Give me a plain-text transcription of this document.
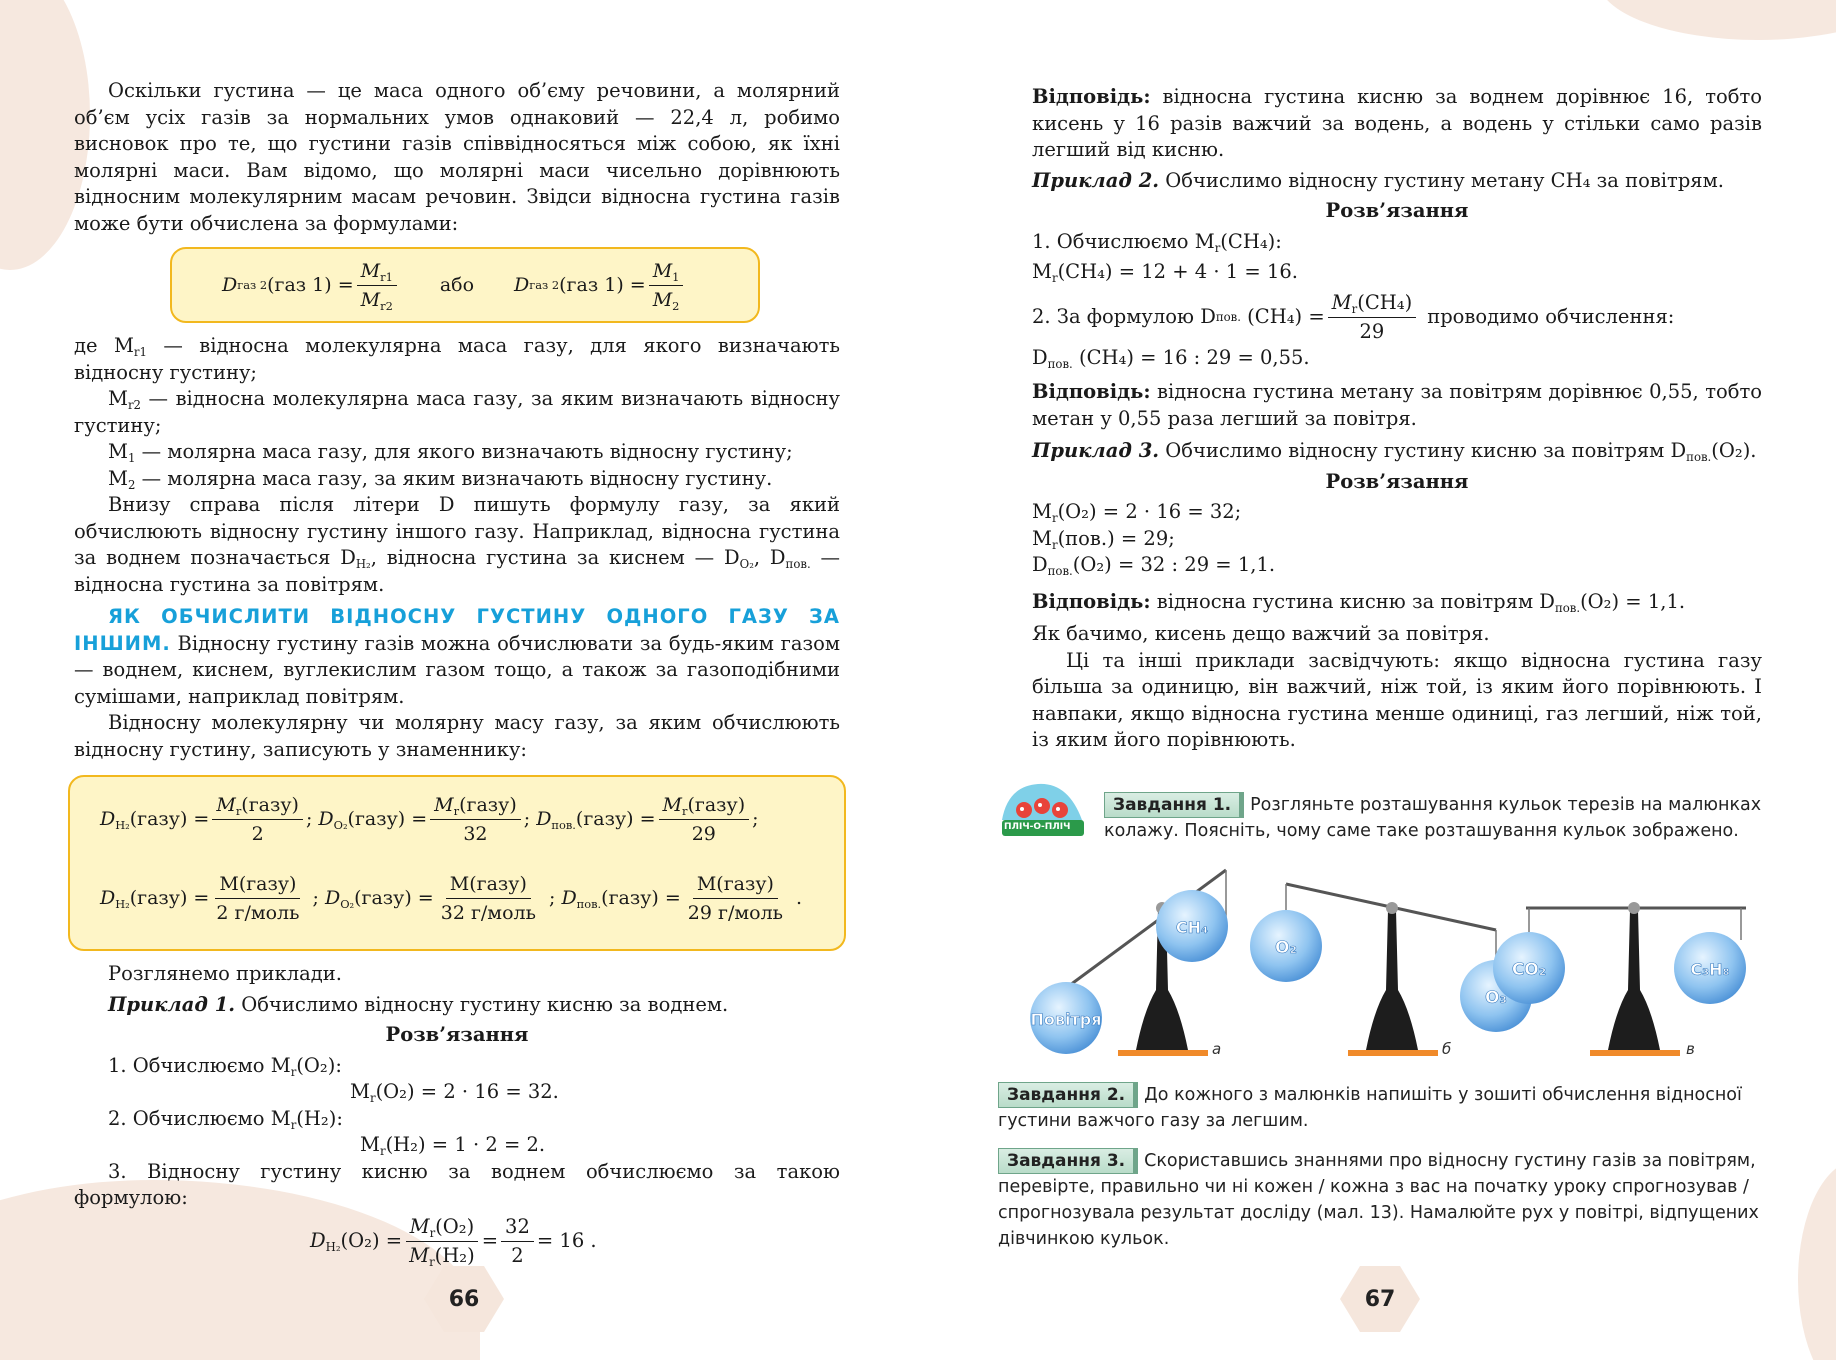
Оскільки густина — це маса одного об’єму речовини, а молярний об’єм усіх газів за нормальних умов однаковий — 22,4 л, робимо висновок про те, що густини газів співвідносяться між собою, як їхні молярні маси. Вам відомо, що молярні маси чисельно дорівнюють відносним молекулярним масам речовин. Звідси відносна густина газів може бути обчислена за формулами:

D газ 2 ( газ 1 ) = $\frac{M_{r1}}{M_{r2}}$ або D газ 2 ( газ 1 ) = $\frac{M_1}{M_2}$

де $M_{r1}$ — відносна молекулярна маса газу, для якого визначають відносну густину;

$M_{r2}$ — відносна молекулярна маса газу, за яким визначають відносну густину;

$M_1$ — молярна маса газу, для якого визначають відносну густину;

$M_2$ — молярна маса газу, за яким визначають відносну густину.

Внизу справа після літери D пишуть формулу газу, за який обчислюють відносну густину іншого газу. Наприклад, відносна густина за воднем позначається $D_{H_2}$, відносна густина за киснем — $D_{O_2}$, $D_{пов.}$ — відносна густина за повітрям.

ЯК ОБЧИСЛИТИ ВІДНОСНУ ГУСТИНУ ОДНОГО ГАЗУ ЗА ІНШИМ. Відносну густину газів можна обчислювати за будь-яким газом — воднем, киснем, вуглекислим газом тощо, а також за газоподібними сумішами, наприклад повітрям.

Відносну молекулярну чи молярну масу газу, за яким обчислюють відносну густину, записують у знаменнику:

$D_{H_2}(газу) = \frac{M_r(газу)}{2}$ ; $D_{O_2}(газу) = \frac{M_r(газу)}{32}$ ; $D_{пов.}(газу) = \frac{M_r(газу)}{29}$ ;
$D_{H_2}(газу) = \frac{\text{M(газу)}}{\text{2 г/моль}}$ ; $D_{O_2}(газу) = \frac{\text{M(газу)}}{\text{32 г/моль}}$ ; $D_{пов.}(газу) = \frac{\text{M(газу)}}{\text{29 г/моль}}$ .

Розглянемо приклади.

Приклад 1. Обчислимо відносну густину кисню за воднем.

Розв’язання

1. Обчислюємо $M_r(O_2)$:

$M_r(O_2) = 2 \cdot 16 = 32$.

2. Обчислюємо $M_r(H_2)$:

$M_r(H_2) = 1 \cdot 2 = 2$.

3. Відносну густину кисню за воднем обчислюємо за такою формулою:

$D_{H_2}(O_2) = \frac{M_r(O_2)}{M_r(H_2)} = \frac{32}{2} = 16$ .
66

Відповідь: відносна густина кисню за воднем дорівнює 16, тобто кисень у 16 разів важчий за водень, а водень у стільки само разів легший від кисню.

Приклад 2. Обчислимо відносну густину метану CH₄ за повітрям.

Розв’язання

1. Обчислюємо $M_r(CH_4)$:

$M_r(CH_4) = 12 + 4 \cdot 1 = 16$.

2. За формулою D пов.
$(CH_4) = \frac{M_r(CH_4)}{29}$ проводимо обчислення:

$D_{пов.}$ (CH₄) = 16 : 29 = 0,55.

Відповідь: відносна густина метану за повітрям дорівнює 0,55, тобто метан у 0,55 раза легший за повітря.

Приклад 3. Обчислимо відносну густину кисню за повітрям $D_{пов.}(O_2)$.

Розв’язання

$M_r(O_2) = 2 \cdot 16 = 32$;

$M_r(пов.) = 29$;

$D_{пов.}(O_2) = 32$ : 29 = 1,1.

Відповідь: відносна густина кисню за повітрям $D_{пов.}(O_2) = 1,1$.

Як бачимо, кисень дещо важчий за повітря.

Ці та інші приклади засвідчують: якщо відносна густина газу більша за одиницю, він важчий, ніж той, із яким його порівнюють. І навпаки, якщо відносна густина менше одиниці, газ легший, ніж той, із яким його порівнюють.

ПЛІЧ-О-ПЛІЧ
Завдання 1. Розгляньте розташування кульок терезів на малюнках колажу. Поясніть, чому саме таке розташування кульок зображено.
Повітря
CH₄
O₂
O₃
CO₂	C₃H₈
а	б	в
Завдання 2. До кожного з малюнків напишіть у зошиті обчислення відносної густини важчого газу за легшим.
Завдання 3. Скориставшись знаннями про відносну густину газів за повітрям, перевірте, правильно чи ні кожен / кожна з вас на початку уроку спрогнозував / спрогнозувала результат досліду (мал. 13). Намалюйте рух у повітрі, відпущених дівчинкою кульок.
67
